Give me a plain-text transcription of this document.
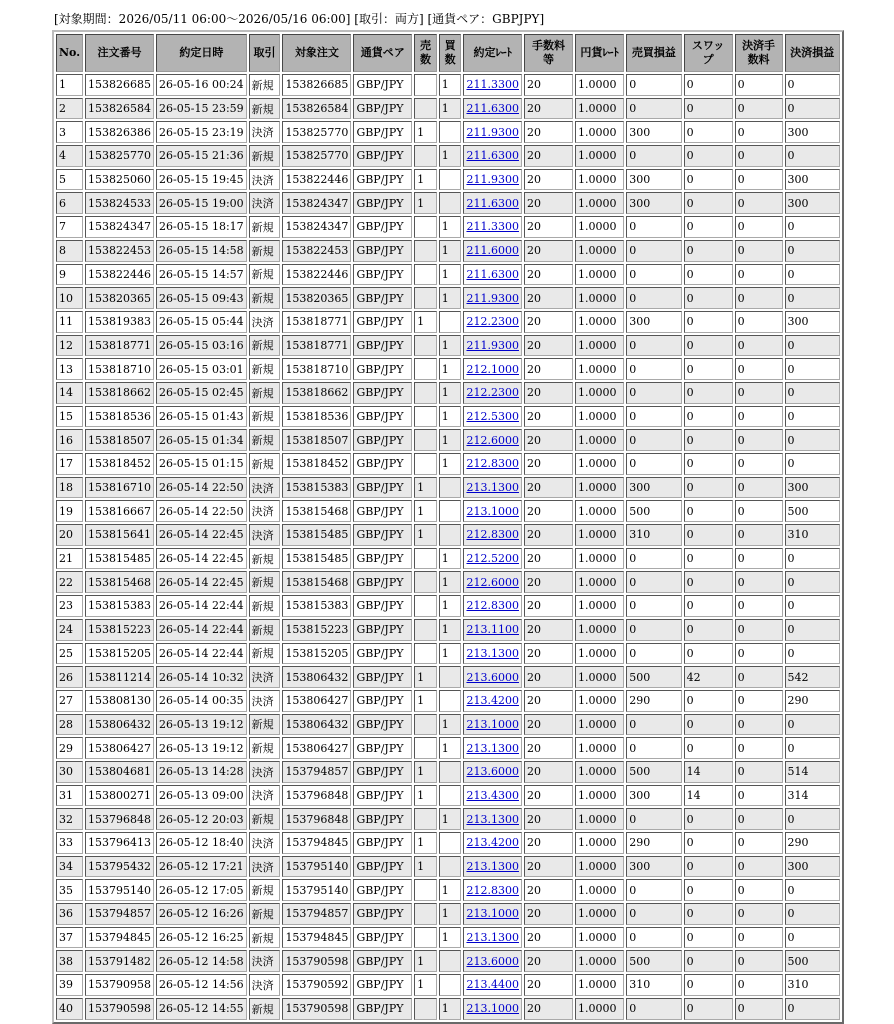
[対象期間：2026/05/11 06:00〜2026/05/16 06:00] [取引：両方] [通貨ペア：GBPJPY]
No.	注文番号	約定日時	取引	対象注文	通貨ペア	売数	買数	約定ﾚｰﾄ	手数料等	円貨ﾚｰﾄ	売買損益	スワップ	決済手数料	決済損益
1	153826685	26-05-16 00:24	新規	153826685	GBP/JPY		1	211.3300	20	1.0000	0	0	0	0
2	153826584	26-05-15 23:59	新規	153826584	GBP/JPY		1	211.6300	20	1.0000	0	0	0	0
3	153826386	26-05-15 23:19	決済	153825770	GBP/JPY	1		211.9300	20	1.0000	300	0	0	300
4	153825770	26-05-15 21:36	新規	153825770	GBP/JPY		1	211.6300	20	1.0000	0	0	0	0
5	153825060	26-05-15 19:45	決済	153822446	GBP/JPY	1		211.9300	20	1.0000	300	0	0	300
6	153824533	26-05-15 19:00	決済	153824347	GBP/JPY	1		211.6300	20	1.0000	300	0	0	300
7	153824347	26-05-15 18:17	新規	153824347	GBP/JPY		1	211.3300	20	1.0000	0	0	0	0
8	153822453	26-05-15 14:58	新規	153822453	GBP/JPY		1	211.6000	20	1.0000	0	0	0	0
9	153822446	26-05-15 14:57	新規	153822446	GBP/JPY		1	211.6300	20	1.0000	0	0	0	0
10	153820365	26-05-15 09:43	新規	153820365	GBP/JPY		1	211.9300	20	1.0000	0	0	0	0
11	153819383	26-05-15 05:44	決済	153818771	GBP/JPY	1		212.2300	20	1.0000	300	0	0	300
12	153818771	26-05-15 03:16	新規	153818771	GBP/JPY		1	211.9300	20	1.0000	0	0	0	0
13	153818710	26-05-15 03:01	新規	153818710	GBP/JPY		1	212.1000	20	1.0000	0	0	0	0
14	153818662	26-05-15 02:45	新規	153818662	GBP/JPY		1	212.2300	20	1.0000	0	0	0	0
15	153818536	26-05-15 01:43	新規	153818536	GBP/JPY		1	212.5300	20	1.0000	0	0	0	0
16	153818507	26-05-15 01:34	新規	153818507	GBP/JPY		1	212.6000	20	1.0000	0	0	0	0
17	153818452	26-05-15 01:15	新規	153818452	GBP/JPY		1	212.8300	20	1.0000	0	0	0	0
18	153816710	26-05-14 22:50	決済	153815383	GBP/JPY	1		213.1300	20	1.0000	300	0	0	300
19	153816667	26-05-14 22:50	決済	153815468	GBP/JPY	1		213.1000	20	1.0000	500	0	0	500
20	153815641	26-05-14 22:45	決済	153815485	GBP/JPY	1		212.8300	20	1.0000	310	0	0	310
21	153815485	26-05-14 22:45	新規	153815485	GBP/JPY		1	212.5200	20	1.0000	0	0	0	0
22	153815468	26-05-14 22:45	新規	153815468	GBP/JPY		1	212.6000	20	1.0000	0	0	0	0
23	153815383	26-05-14 22:44	新規	153815383	GBP/JPY		1	212.8300	20	1.0000	0	0	0	0
24	153815223	26-05-14 22:44	新規	153815223	GBP/JPY		1	213.1100	20	1.0000	0	0	0	0
25	153815205	26-05-14 22:44	新規	153815205	GBP/JPY		1	213.1300	20	1.0000	0	0	0	0
26	153811214	26-05-14 10:32	決済	153806432	GBP/JPY	1		213.6000	20	1.0000	500	42	0	542
27	153808130	26-05-14 00:35	決済	153806427	GBP/JPY	1		213.4200	20	1.0000	290	0	0	290
28	153806432	26-05-13 19:12	新規	153806432	GBP/JPY		1	213.1000	20	1.0000	0	0	0	0
29	153806427	26-05-13 19:12	新規	153806427	GBP/JPY		1	213.1300	20	1.0000	0	0	0	0
30	153804681	26-05-13 14:28	決済	153794857	GBP/JPY	1		213.6000	20	1.0000	500	14	0	514
31	153800271	26-05-13 09:00	決済	153796848	GBP/JPY	1		213.4300	20	1.0000	300	14	0	314
32	153796848	26-05-12 20:03	新規	153796848	GBP/JPY		1	213.1300	20	1.0000	0	0	0	0
33	153796413	26-05-12 18:40	決済	153794845	GBP/JPY	1		213.4200	20	1.0000	290	0	0	290
34	153795432	26-05-12 17:21	決済	153795140	GBP/JPY	1		213.1300	20	1.0000	300	0	0	300
35	153795140	26-05-12 17:05	新規	153795140	GBP/JPY		1	212.8300	20	1.0000	0	0	0	0
36	153794857	26-05-12 16:26	新規	153794857	GBP/JPY		1	213.1000	20	1.0000	0	0	0	0
37	153794845	26-05-12 16:25	新規	153794845	GBP/JPY		1	213.1300	20	1.0000	0	0	0	0
38	153791482	26-05-12 14:58	決済	153790598	GBP/JPY	1		213.6000	20	1.0000	500	0	0	500
39	153790958	26-05-12 14:56	決済	153790592	GBP/JPY	1		213.4400	20	1.0000	310	0	0	310
40	153790598	26-05-12 14:55	新規	153790598	GBP/JPY		1	213.1000	20	1.0000	0	0	0	0
